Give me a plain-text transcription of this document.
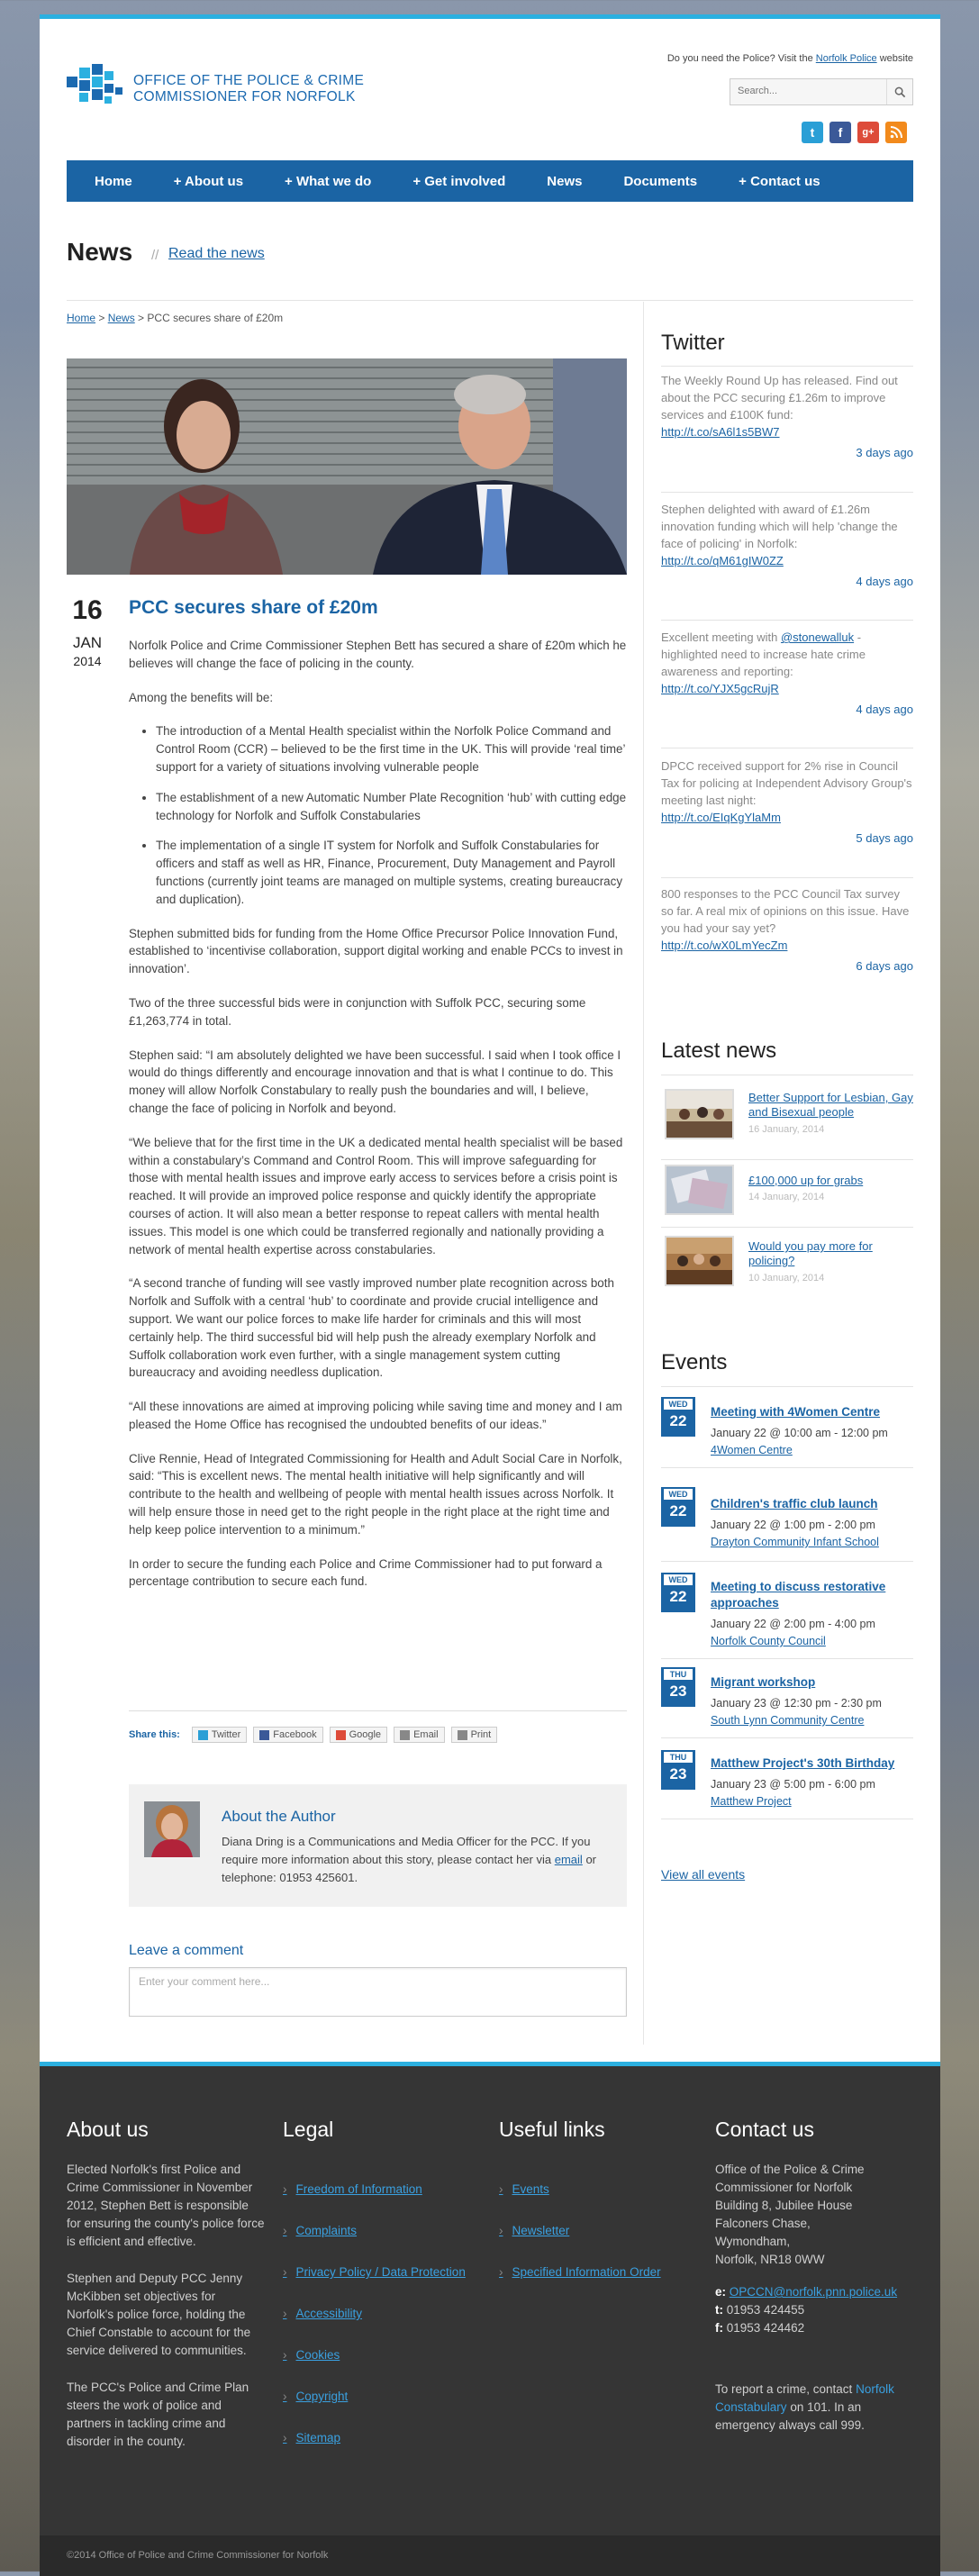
OFFICE OF THE POLICE & CRIME
COMMISSIONER FOR NORFOLK
Do you need the Police? Visit the Norfolk Police website
Search...
t	f	g+
Home	+ About us	+ What we do	+ Get involved	News	Documents	+ Contact us
News // Read the news
Home > News > PCC secures share of £20m
16
JAN
2014
PCC secures share of £20m

Norfolk Police and Crime Commissioner Stephen Bett has secured a share of £20m which he believes will change the face of policing in the county.

Among the benefits will be:

• The introduction of a Mental Health specialist within the Norfolk Police Command and Control Room (CCR) – believed to be the first time in the UK. This will provide ‘real time’ support for a variety of situations involving vulnerable people
• The establishment of a new Automatic Number Plate Recognition ‘hub’ with cutting edge technology for Norfolk and Suffolk Constabularies
• The implementation of a single IT system for Norfolk and Suffolk Constabularies for officers and staff as well as HR, Finance, Procurement, Duty Management and Payroll functions (currently joint teams are managed on multiple systems, creating bureaucracy and duplication).

Stephen submitted bids for funding from the Home Office Precursor Police Innovation Fund, established to ‘incentivise collaboration, support digital working and enable PCCs to invest in innovation’.

Two of the three successful bids were in conjunction with Suffolk PCC, securing some £1,263,774 in total.

Stephen said: “I am absolutely delighted we have been successful. I said when I took office I would do things differently and encourage innovation and that is what I continue to do. This money will allow Norfolk Constabulary to really push the boundaries and will, I believe, change the face of policing in Norfolk and beyond.

“We believe that for the first time in the UK a dedicated mental health specialist will be based within a constabulary’s Command and Control Room. This will improve safeguarding for those with mental health issues and improve early access to services before a crisis point is reached. It will provide an improved police response and quickly identify the appropriate courses of action. It will also mean a better response to repeat callers with mental health issues. This model is one which could be transferred regionally and nationally providing a network of mental health expertise across constabularies.

“A second tranche of funding will see vastly improved number plate recognition across both Norfolk and Suffolk with a central ‘hub’ to coordinate and provide crucial intelligence and support. We want our police forces to make life harder for criminals and this will most certainly help. The third successful bid will help push the already exemplary Norfolk and Suffolk collaboration work even further, with a single management system cutting bureaucracy and avoiding needless duplication.

“All these innovations are aimed at improving policing while saving time and money and I am pleased the Home Office has recognised the undoubted benefits of our ideas.”

Clive Rennie, Head of Integrated Commissioning for Health and Adult Social Care in Norfolk, said: “This is excellent news. The mental health initiative will help significantly and will contribute to the health and wellbeing of people with mental health issues across Norfolk. It will help ensure those in need get to the right people in the right place at the right time and help keep police intervention to a minimum.”

In order to secure the funding each Police and Crime Commissioner had to put forward a percentage contribution to secure each fund.

Share this:	Twitter	Facebook	Google	Email	Print
About the Author
Diana Dring is a Communications and Media Officer for the PCC. If you require more information about this story, please contact her via email or telephone: 01953 425601.
Leave a comment
Enter your comment here...
Twitter
The Weekly Round Up has released. Find out about the PCC securing £1.26m to improve services and £100K fund:
http://t.co/sA6l1s5BW7
3 days ago
Stephen delighted with award of £1.26m innovation funding which will help 'change the face of policing' in Norfolk:
http://t.co/qM61gIW0ZZ
4 days ago
Excellent meeting with @stonewalluk - highlighted need to increase hate crime awareness and reporting:
http://t.co/YJX5gcRujR
4 days ago
DPCC received support for 2% rise in Council Tax for policing at Independent Advisory Group's meeting last night:
http://t.co/EIqKgYlaMm
5 days ago
800 responses to the PCC Council Tax survey so far. A real mix of opinions on this issue. Have you had your say yet?
http://t.co/wX0LmYecZm
6 days ago
Latest news
Better Support for Lesbian, Gay and Bisexual people
16 January, 2014
£100,000 up for grabs
14 January, 2014
Would you pay more for policing?
10 January, 2014
Events
WED
22
Meeting with 4Women Centre
January 22 @ 10:00 am - 12:00 pm
4Women Centre
WED
22	Children's traffic club launch
January 22 @ 1:00 pm - 2:00 pm
Drayton Community Infant School
WED
22
Meeting to discuss restorative approaches
January 22 @ 2:00 pm - 4:00 pm
Norfolk County Council
THU
23
Migrant workshop
January 23 @ 12:30 pm - 2:30 pm
South Lynn Community Centre
THU
23
Matthew Project's 30th Birthday
January 23 @ 5:00 pm - 6:00 pm
Matthew Project
View all events
About us

Elected Norfolk's first Police and Crime Commissioner in November 2012, Stephen Bett is responsible for ensuring the county's police force is efficient and effective.

Stephen and Deputy PCC Jenny McKibben set objectives for Norfolk's police force, holding the Chief Constable to account for the service delivered to communities.

The PCC's Police and Crime Plan steers the work of police and partners in tackling crime and disorder in the county.

Legal
› Freedom of Information
› Complaints
› Privacy Policy / Data Protection
› Accessibility
› Cookies
› Copyright
› Sitemap
Useful links
› Events
› Newsletter
› Specified Information Order
Contact us
Office of the Police & Crime
Commissioner for Norfolk
Building 8, Jubilee House
Falconers Chase,
Wymondham,
Norfolk, NR18 0WW
e: OPCCN@norfolk.pnn.police.uk
t: 01953 424455
f: 01953 424462
To report a crime, contact Norfolk Constabulary on 101. In an emergency always call 999.
©2014 Office of Police and Crime Commissioner for Norfolk
